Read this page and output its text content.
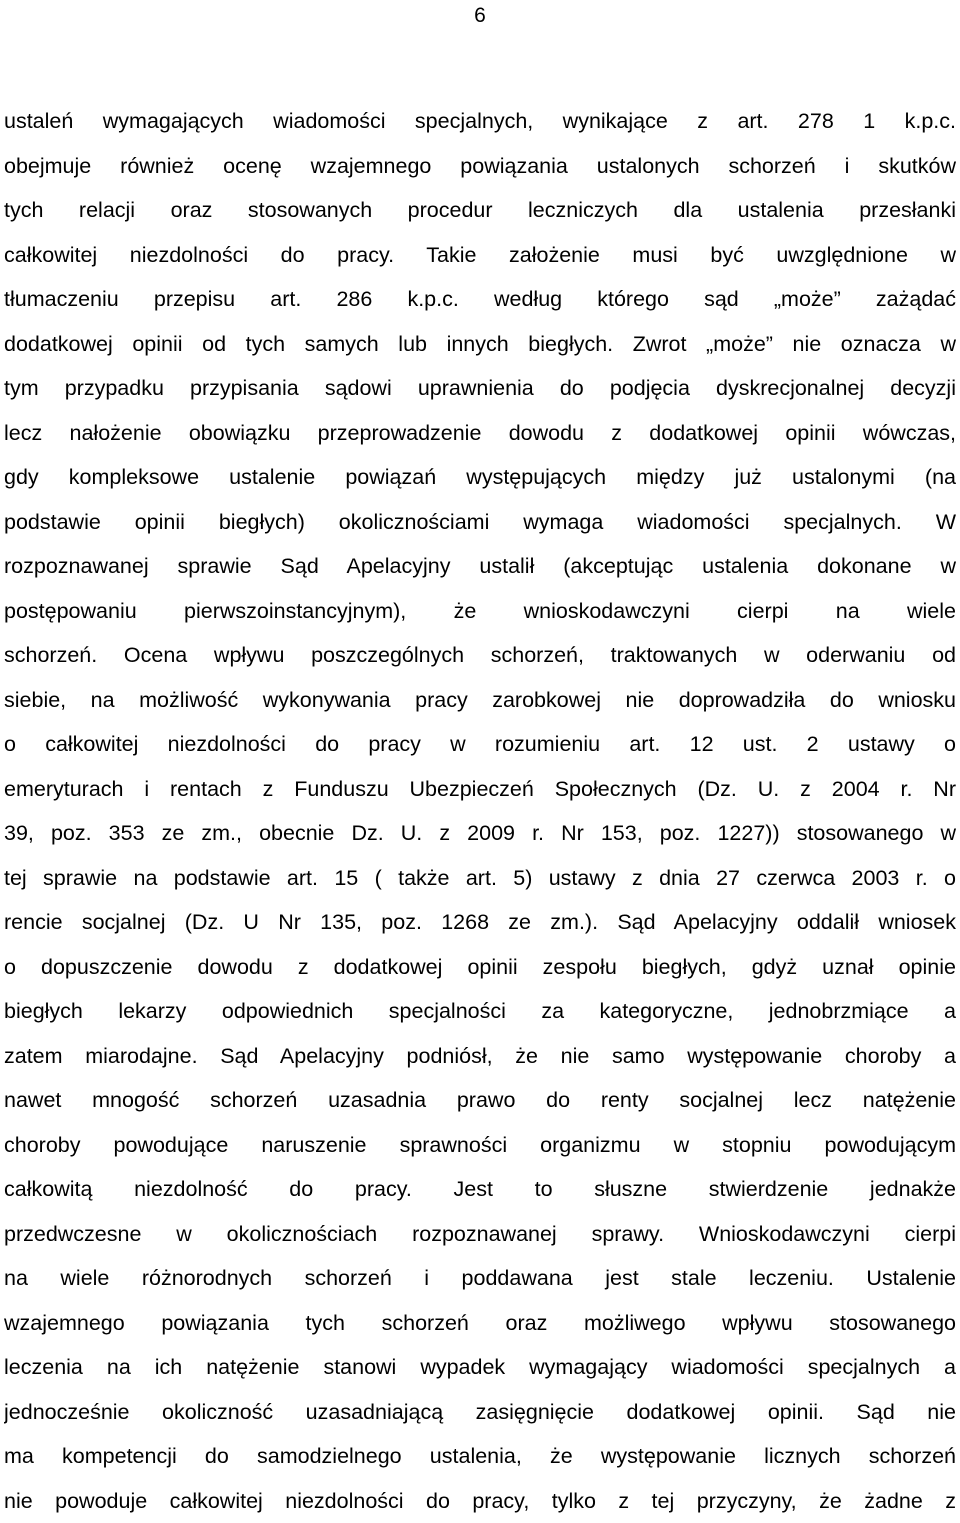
6
ustaleń wymagających wiadomości specjalnych, wynikające z art. 278 1 k.p.c.
obejmuje również ocenę wzajemnego powiązania ustalonych schorzeń i skutków
tych relacji oraz stosowanych procedur leczniczych dla ustalenia przesłanki
całkowitej niezdolności do pracy. Takie założenie musi być uwzględnione w
tłumaczeniu przepisu art. 286 k.p.c. według którego sąd „może” zażądać
dodatkowej opinii od tych samych lub innych biegłych. Zwrot „może” nie oznacza w
tym przypadku przypisania sądowi uprawnienia do podjęcia dyskrecjonalnej decyzji
lecz nałożenie obowiązku przeprowadzenie dowodu z dodatkowej opinii wówczas,
gdy kompleksowe ustalenie powiązań występujących między już ustalonymi (na
podstawie opinii biegłych) okolicznościami wymaga wiadomości specjalnych. W
rozpoznawanej sprawie Sąd Apelacyjny ustalił (akceptując ustalenia dokonane w
postępowaniu pierwszoinstancyjnym), że wnioskodawczyni cierpi na wiele
schorzeń. Ocena wpływu poszczególnych schorzeń, traktowanych w oderwaniu od
siebie, na możliwość wykonywania pracy zarobkowej nie doprowadziła do wniosku
o całkowitej niezdolności do pracy w rozumieniu art. 12 ust. 2 ustawy o
emeryturach i rentach z Funduszu Ubezpieczeń Społecznych (Dz. U. z 2004 r. Nr
39, poz. 353 ze zm., obecnie Dz. U. z 2009 r. Nr 153, poz. 1227)) stosowanego w
tej sprawie na podstawie art. 15 ( także art. 5) ustawy z dnia 27 czerwca 2003 r. o
rencie socjalnej (Dz. U Nr 135, poz. 1268 ze zm.). Sąd Apelacyjny oddalił wniosek
o dopuszczenie dowodu z dodatkowej opinii zespołu biegłych, gdyż uznał opinie
biegłych lekarzy odpowiednich specjalności za kategoryczne, jednobrzmiące a
zatem miarodajne. Sąd Apelacyjny podniósł, że nie samo występowanie choroby a
nawet mnogość schorzeń uzasadnia prawo do renty socjalnej lecz natężenie
choroby powodujące naruszenie sprawności organizmu w stopniu powodującym
całkowitą niezdolność do pracy. Jest to słuszne stwierdzenie jednakże
przedwczesne w okolicznościach rozpoznawanej sprawy. Wnioskodawczyni cierpi
na wiele różnorodnych schorzeń i poddawana jest stale leczeniu. Ustalenie
wzajemnego powiązania tych schorzeń oraz możliwego wpływu stosowanego
leczenia na ich natężenie stanowi wypadek wymagający wiadomości specjalnych a
jednocześnie okoliczność uzasadniającą zasięgnięcie dodatkowej opinii. Sąd nie
ma kompetencji do samodzielnego ustalenia, że występowanie licznych schorzeń
nie powoduje całkowitej niezdolności do pracy, tylko z tej przyczyny, że żadne z
